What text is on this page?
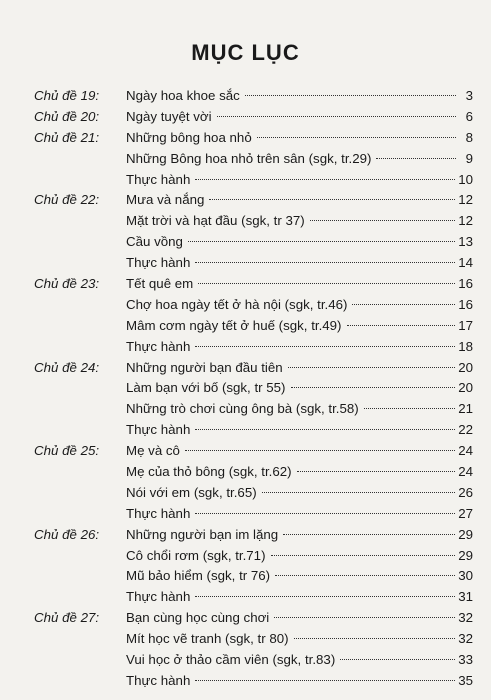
MỤC LỤC
Chủ đề 19: Ngày hoa khoe sắc	3
Chủ đề 20: Ngày tuyệt vời	6
Chủ đề 21: Những bông hoa nhỏ	8
Những Bông hoa nhỏ trên sân (sgk, tr.29)	9
Thực hành	10
Chủ đề 22: Mưa và nắng	12
Mặt trời và hạt đầu (sgk, tr 37)	12
Cầu vồng	13
Thực hành	14
Chủ đề 23: Tết quê em	16
Chợ hoa ngày tết ở hà nội (sgk, tr.46)	16
Mâm cơm ngày tết ở huế (sgk, tr.49)	17
Thực hành	18
Chủ đề 24: Những người bạn đầu tiên	20
Làm bạn với bố (sgk, tr 55)	20
Những trò chơi cùng ông bà (sgk, tr.58)	21
Thực hành	22
Chủ đề 25: Mẹ và cô	24
Mẹ của thỏ bông (sgk, tr.62)	24
Nói với em (sgk, tr.65)	26
Thực hành	27
Chủ đề 26: Những người bạn im lặng	29
Cô chổi rơm (sgk, tr.71)	29
Mũ bảo hiểm (sgk, tr 76)	30
Thực hành	31
Chủ đề 27: Bạn cùng học cùng chơi	32
Mít học vẽ tranh (sgk, tr 80)	32
Vui học ở thảo cầm viên (sgk, tr.83)	33
Thực hành	35
